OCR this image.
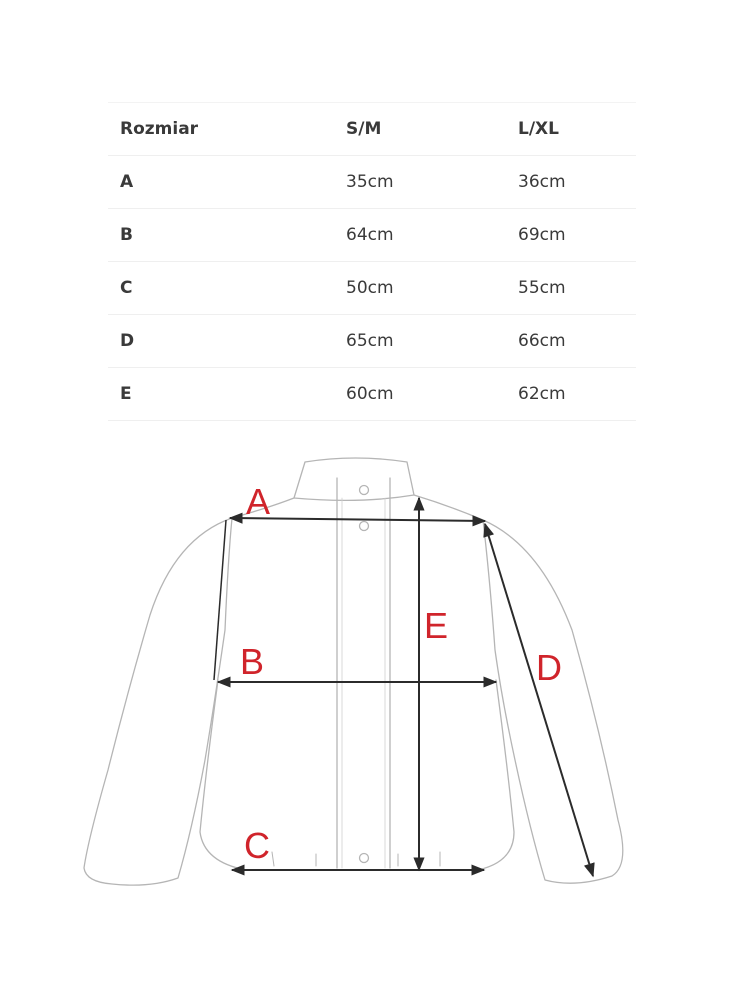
Rozmiar	S/M	L/XL
A	35cm	36cm
B	64cm	69cm
C	50cm	55cm
D	65cm	66cm
E	60cm	62cm
A
B
C
D
E
